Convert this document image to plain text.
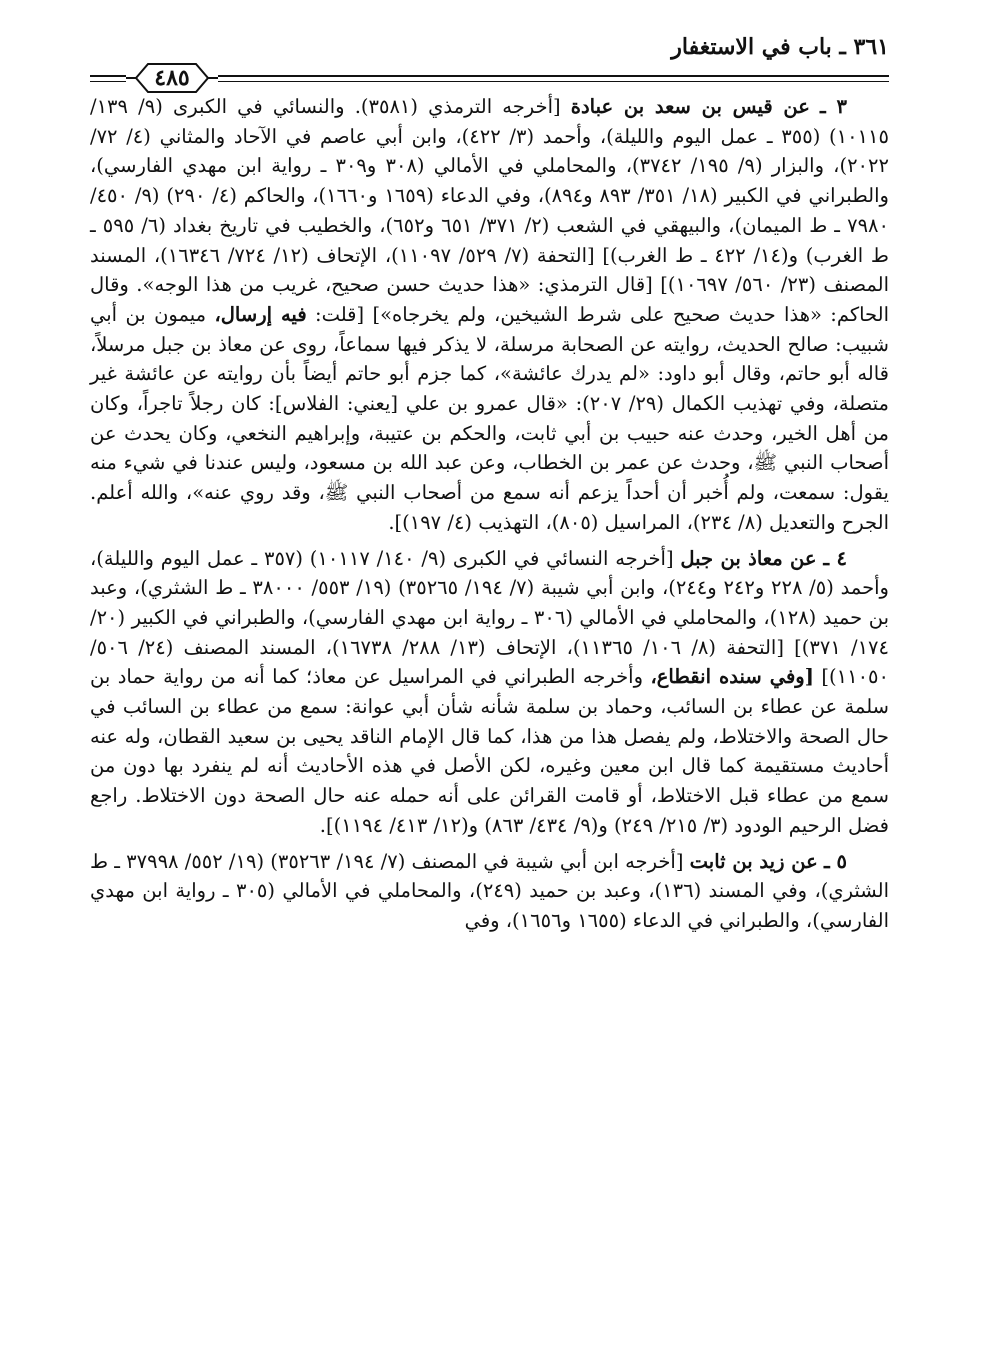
٣٦١ ـ باب في الاستغفار
٤٨٥

٣ ـ عن قيس بن سعد بن عبادة [أخرجه الترمذي (٣٥٨١). والنسائي في الكبرى (٩/ ١٣٩/ ١٠١١٥) (٣٥٥ ـ عمل اليوم والليلة)، وأحمد (٣/ ٤٢٢)، وابن أبي عاصم في الآحاد والمثاني (٤/ ٧٢/ ٢٠٢٢)، والبزار (٩/ ١٩٥/ ٣٧٤٢)، والمحاملي في الأمالي (٣٠٨ و٣٠٩ ـ رواية ابن مهدي الفارسي)، والطبراني في الكبير (١٨/ ٣٥١/ ٨٩٣ و٨٩٤)، وفي الدعاء (١٦٥٩ و١٦٦٠)، والحاكم (٤/ ٢٩٠) (٩/ ٤٥٠/ ٧٩٨٠ ـ ط الميمان)، والبيهقي في الشعب (٢/ ٣٧١/ ٦٥١ و٦٥٢)، والخطيب في تاريخ بغداد (٦/ ٥٩٥ ـ ط الغرب) و(١٤/ ٤٢٢ ـ ط الغرب)] [التحفة (٧/ ٥٢٩/ ١١٠٩٧)، الإتحاف (١٢/ ٧٢٤/ ١٦٣٤٦)، المسند المصنف (٢٣/ ٥٦٠/ ١٠٦٩٧)] [قال الترمذي: «هذا حديث حسن صحيح، غريب من هذا الوجه». وقال الحاكم: «هذا حديث صحيح على شرط الشيخين، ولم يخرجاه»] [قلت: فيه إرسال، ميمون بن أبي شبيب: صالح الحديث، روايته عن الصحابة مرسلة، لا يذكر فيها سماعاً، روى عن معاذ بن جبل مرسلاً، قاله أبو حاتم، وقال أبو داود: «لم يدرك عائشة»، كما جزم أبو حاتم أيضاً بأن روايته عن عائشة غير متصلة، وفي تهذيب الكمال (٢٩/ ٢٠٧): «قال عمرو بن علي [يعني: الفلاس]: كان رجلاً تاجراً، وكان من أهل الخير، وحدث عنه حبيب بن أبي ثابت، والحكم بن عتيبة، وإبراهيم النخعي، وكان يحدث عن أصحاب النبي ﷺ، وحدث عن عمر بن الخطاب، وعن عبد الله بن مسعود، وليس عندنا في شيء منه يقول: سمعت، ولم أُخبر أن أحداً يزعم أنه سمع من أصحاب النبي ﷺ، وقد روي عنه»، والله أعلم. الجرح والتعديل (٨/ ٢٣٤)، المراسيل (٨٠٥)، التهذيب (٤/ ١٩٧)].

٤ ـ عن معاذ بن جبل [أخرجه النسائي في الكبرى (٩/ ١٤٠/ ١٠١١٧) (٣٥٧ ـ عمل اليوم والليلة)، وأحمد (٥/ ٢٢٨ و٢٤٢ و٢٤٤)، وابن أبي شيبة (٧/ ١٩٤/ ٣٥٢٦٥) (١٩/ ٥٥٣/ ٣٨٠٠٠ ـ ط الشثري)، وعبد بن حميد (١٢٨)، والمحاملي في الأمالي (٣٠٦ ـ رواية ابن مهدي الفارسي)، والطبراني في الكبير (٢٠/ ١٧٤/ ٣٧١)] [التحفة (٨/ ١٠٦/ ١١٣٦٥)، الإتحاف (١٣/ ٢٨٨/ ١٦٧٣٨)، المسند المصنف (٢٤/ ٥٠٦/ ١١٠٥٠)] [وفي سنده انقطاع، وأخرجه الطبراني في المراسيل عن معاذ؛ كما أنه من رواية حماد بن سلمة عن عطاء بن السائب، وحماد بن سلمة شأنه شأن أبي عوانة: سمع من عطاء بن السائب في حال الصحة والاختلاط، ولم يفصل هذا من هذا، كما قال الإمام الناقد يحيى بن سعيد القطان، وله عنه أحاديث مستقيمة كما قال ابن معين وغيره، لكن الأصل في هذه الأحاديث أنه لم ينفرد بها دون من سمع من عطاء قبل الاختلاط، أو قامت القرائن على أنه حمله عنه حال الصحة دون الاختلاط. راجع فضل الرحيم الودود (٣/ ٢١٥/ ٢٤٩) و(٩/ ٤٣٤/ ٨٦٣) و(١٢/ ٤١٣/ ١١٩٤)].

٥ ـ عن زيد بن ثابت [أخرجه ابن أبي شيبة في المصنف (٧/ ١٩٤/ ٣٥٢٦٣) (١٩/ ٥٥٢/ ٣٧٩٩٨ ـ ط الشثري)، وفي المسند (١٣٦)، وعبد بن حميد (٢٤٩)، والمحاملي في الأمالي (٣٠٥ ـ رواية ابن مهدي الفارسي)، والطبراني في الدعاء (١٦٥٥ و١٦٥٦)، وفي
